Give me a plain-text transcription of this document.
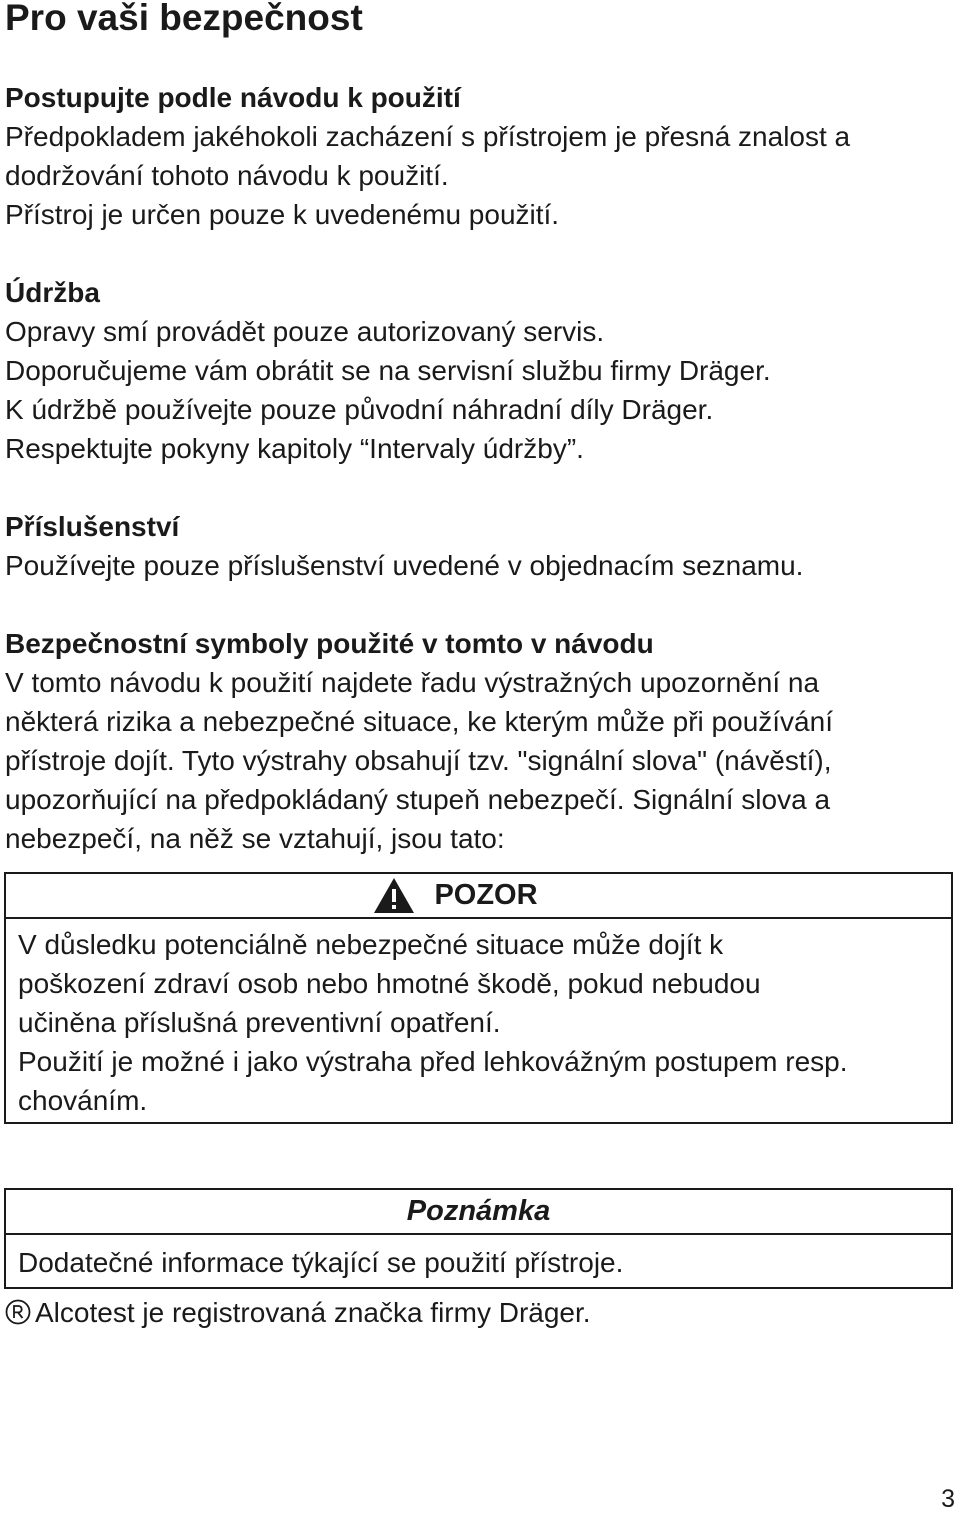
Pro vaši bezpečnost
Postupujte podle návodu k použití
Předpokladem jakéhokoli zacházení s přístrojem je přesná znalost a
dodržování tohoto návodu k použití.
Přístroj je určen pouze k uvedenému použití.
Údržba
Opravy smí provádět pouze autorizovaný servis.
Doporučujeme vám obrátit se na servisní službu firmy Dräger.
K údržbě používejte pouze původní náhradní díly Dräger.
Respektujte pokyny kapitoly “Intervaly údržby”.
Příslušenství
Používejte pouze příslušenství uvedené v objednacím seznamu.
Bezpečnostní symboly použité v tomto v návodu
V tomto návodu k použití najdete řadu výstražných upozornění na
některá rizika a nebezpečné situace, ke kterým může při používání
přístroje dojít. Tyto výstrahy obsahují tzv. "signální slova" (návěstí),
upozorňující na předpokládaný stupeň nebezpečí. Signální slova a
nebezpečí, na něž se vztahují, jsou tato:
POZOR
V důsledku potenciálně nebezpečné situace může dojít k
poškození zdraví osob nebo hmotné škodě, pokud nebudou
učiněna příslušná preventivní opatření.
Použití je možné i jako výstraha před lehkovážným postupem resp.
chováním.
Poznámka
Dodatečné informace týkající se použití přístroje.
Alcotest je registrovaná značka firmy Dräger.
3
